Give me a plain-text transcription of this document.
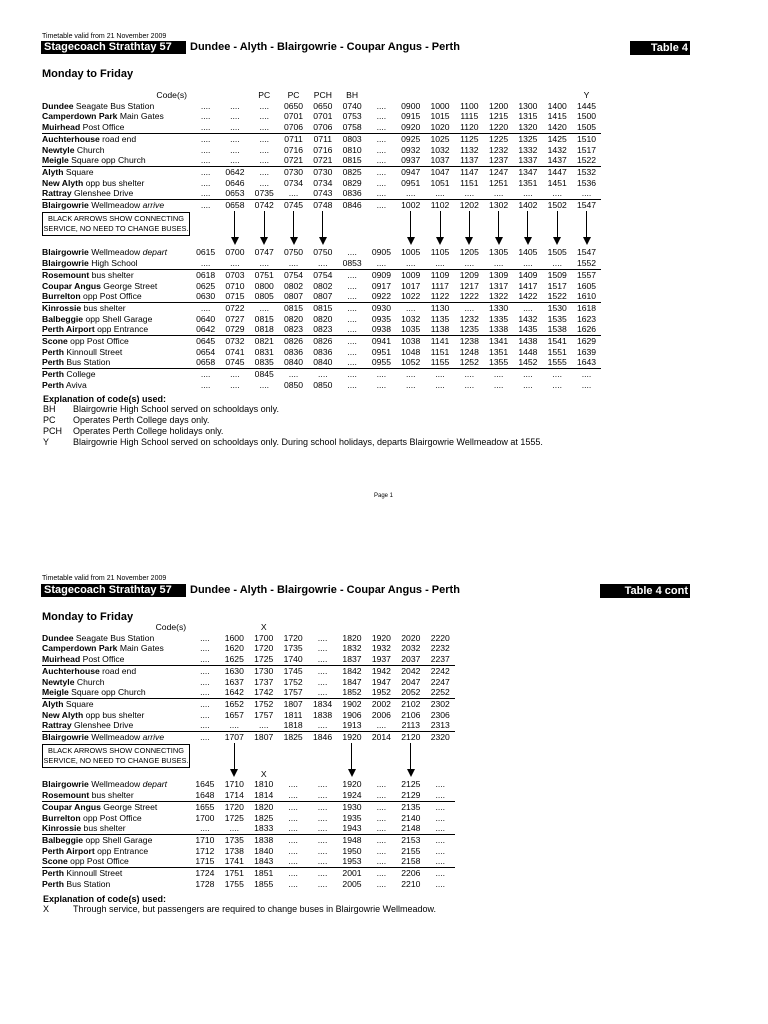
Timetable valid from 21 November 2009
Stagecoach Strathtay 57	Dundee - Alyth - Blairgowrie - Coupar Angus - Perth	Table 4
Monday to Friday
Code(s)			PC	PC	PCH	BH								Y
Dundee Seagate Bus Station	....	....	....	0650	0650	0740	....	0900	1000	1100	1200	1300	1400	1445
Camperdown Park Main Gates	....	....	....	0701	0701	0753	....	0915	1015	1115	1215	1315	1415	1500
Muirhead Post Office	....	....	....	0706	0706	0758	....	0920	1020	1120	1220	1320	1420	1505
Auchterhouse road end	....	....	....	0711	0711	0803	....	0925	1025	1125	1225	1325	1425	1510
Newtyle Church	....	....	....	0716	0716	0810	....	0932	1032	1132	1232	1332	1432	1517
Meigle Square opp Church	....	....	....	0721	0721	0815	....	0937	1037	1137	1237	1337	1437	1522
Alyth Square	....	0642	....	0730	0730	0825	....	0947	1047	1147	1247	1347	1447	1532
New Alyth opp bus shelter	....	0646	....	0734	0734	0829	....	0951	1051	1151	1251	1351	1451	1536
Rattray Glenshee Drive	....	0653	0735	....	0743	0836	....	....	....	....	....	....	....	....
Blairgowrie Wellmeadow arrive	....	0658	0742	0745	0748	0846	....	1002	1102	1202	1302	1402	1502	1547

BLACK ARROWS SHOW CONNECTING SERVICE, NO NEED TO CHANGE BUSES.														

Blairgowrie Wellmeadow depart	0615	0700	0747	0750	0750	....	0905	1005	1105	1205	1305	1405	1505	1547
Blairgowrie High School	....	....	....	....	....	0853	....	....	....	....	....	....	....	1552
Rosemount bus shelter	0618	0703	0751	0754	0754	....	0909	1009	1109	1209	1309	1409	1509	1557
Coupar Angus George Street	0625	0710	0800	0802	0802	....	0917	1017	1117	1217	1317	1417	1517	1605
Burrelton opp Post Office	0630	0715	0805	0807	0807	....	0922	1022	1122	1222	1322	1422	1522	1610
Kinrossie bus shelter	....	0722	....	0815	0815	....	0930	....	1130	....	1330	....	1530	1618
Balbeggie opp Shell Garage	0640	0727	0815	0820	0820	....	0935	1032	1135	1232	1335	1432	1535	1623
Perth Airport opp Entrance	0642	0729	0818	0823	0823	....	0938	1035	1138	1235	1338	1435	1538	1626
Scone opp Post Office	0645	0732	0821	0826	0826	....	0941	1038	1141	1238	1341	1438	1541	1629
Perth Kinnoull Street	0654	0741	0831	0836	0836	....	0951	1048	1151	1248	1351	1448	1551	1639
Perth Bus Station	0658	0745	0835	0840	0840	....	0955	1052	1155	1252	1355	1452	1555	1643
Perth College	....	....	0845	....	....	....	....	....	....	....	....	....	....	....
Perth Aviva	....	....	....	0850	0850	....	....	....	....	....	....	....	....	....
Explanation of code(s) used:
BH Blairgowrie High School served on schooldays only.
PC Operates Perth College days only.
PCH Operates Perth College holidays only.
Y	Blairgowrie High School served on schooldays only. During school holidays, departs Blairgowrie Wellmeadow at 1555.
Page 1
Timetable valid from 21 November 2009
Stagecoach Strathtay 57	Dundee - Alyth - Blairgowrie - Coupar Angus - Perth	Table 4 cont
Monday to Friday
Code(s)			X						
Dundee Seagate Bus Station	....	1600	1700	1720	....	1820	1920	2020	2220
Camperdown Park Main Gates	....	1620	1720	1735	....	1832	1932	2032	2232
Muirhead Post Office	....	1625	1725	1740	....	1837	1937	2037	2237
Auchterhouse road end	....	1630	1730	1745	....	1842	1942	2042	2242
Newtyle Church	....	1637	1737	1752	....	1847	1947	2047	2247
Meigle Square opp Church	....	1642	1742	1757	....	1852	1952	2052	2252
Alyth Square	....	1652	1752	1807	1834	1902	2002	2102	2302
New Alyth opp bus shelter	....	1657	1757	1811	1838	1906	2006	2106	2306
Rattray Glenshee Drive	....	....	....	1818	....	1913	....	2113	2313
Blairgowrie Wellmeadow arrive	....	1707	1807	1825	1846	1920	2014	2120	2320

BLACK ARROWS SHOW CONNECTING SERVICE, NO NEED TO CHANGE BUSES.			X						

Blairgowrie Wellmeadow depart	1645	1710	1810	....	....	1920	....	2125	....
Rosemount bus shelter	1648	1714	1814	....	....	1924	....	2129	....
Coupar Angus George Street	1655	1720	1820	....	....	1930	....	2135	....
Burrelton opp Post Office	1700	1725	1825	....	....	1935	....	2140	....
Kinrossie bus shelter	....	....	1833	....	....	1943	....	2148	....
Balbeggie opp Shell Garage	1710	1735	1838	....	....	1948	....	2153	....
Perth Airport opp Entrance	1712	1738	1840	....	....	1950	....	2155	....
Scone opp Post Office	1715	1741	1843	....	....	1953	....	2158	....
Perth Kinnoull Street	1724	1751	1851	....	....	2001	....	2206	....
Perth Bus Station	1728	1755	1855	....	....	2005	....	2210	....
Explanation of code(s) used:
X	Through service, but passengers are required to change buses in Blairgowrie Wellmeadow.
